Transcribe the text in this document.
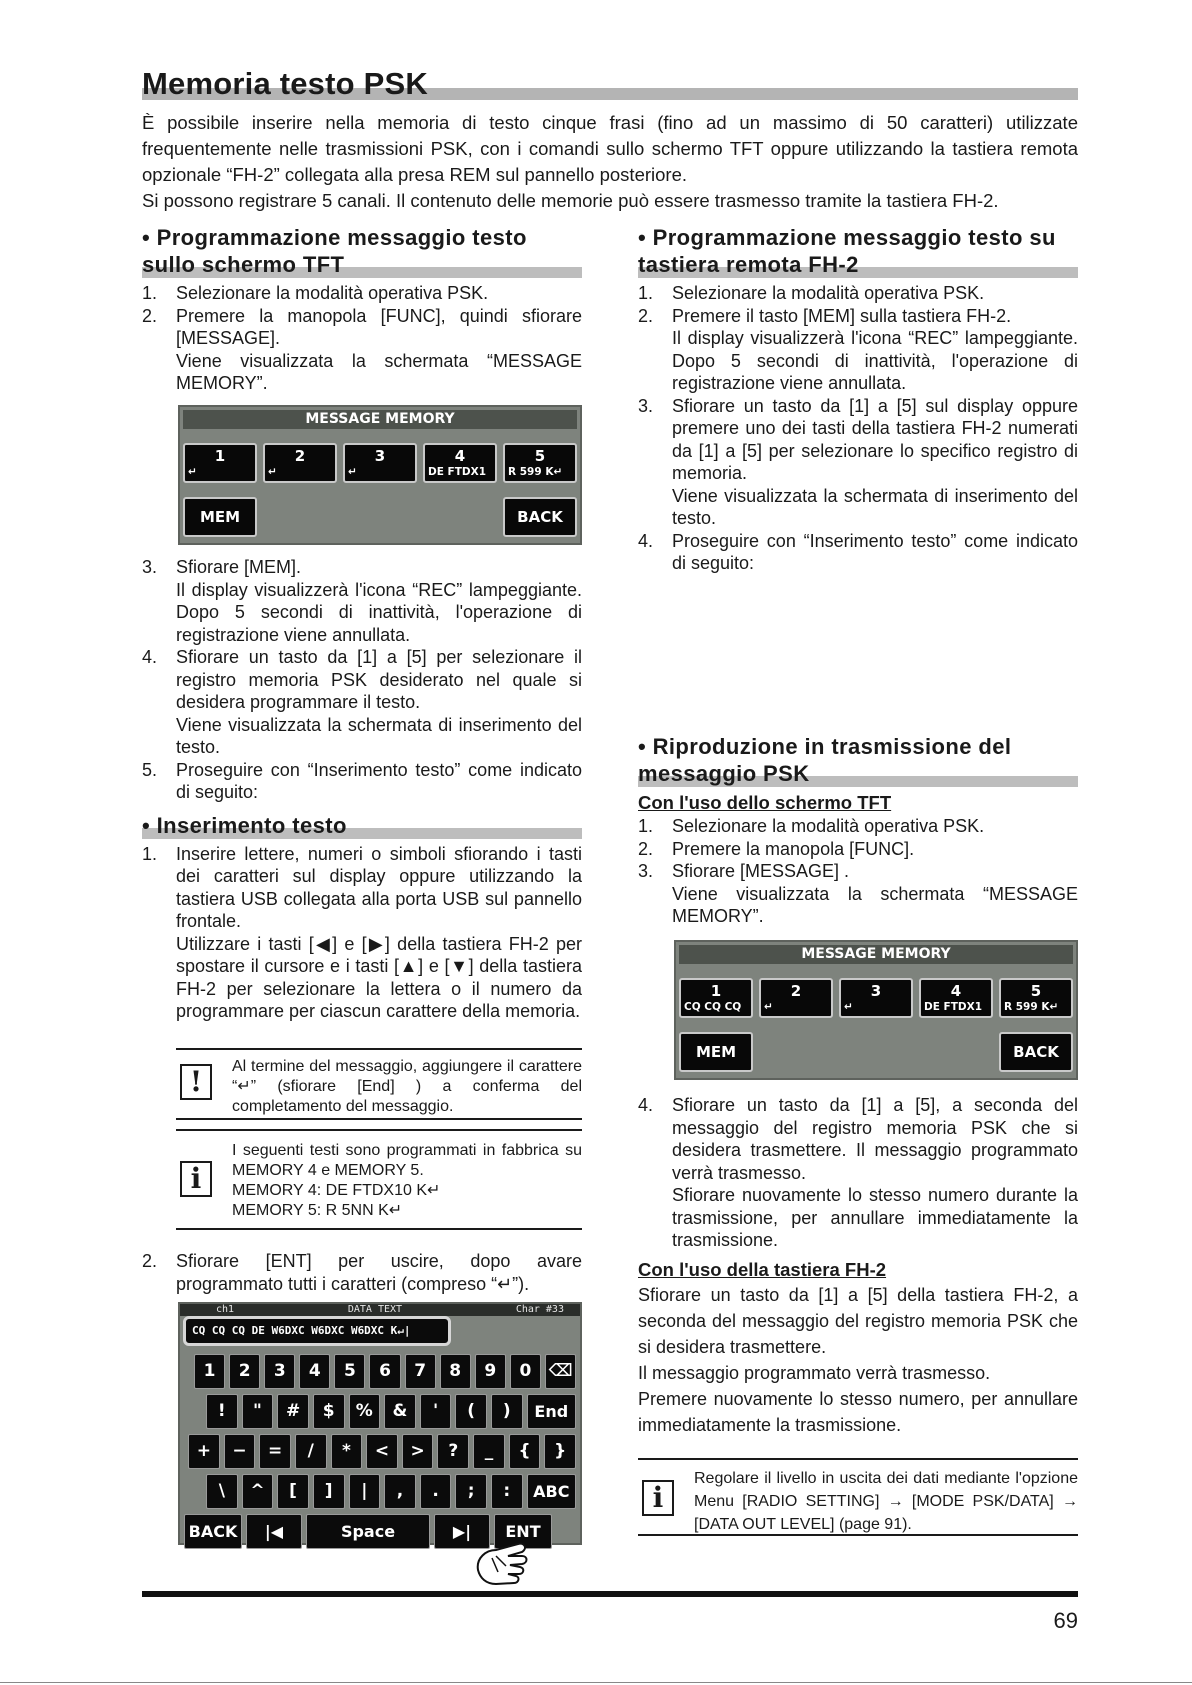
Memoria testo PSK

È possibile inserire nella memoria di testo cinque frasi (fino ad un massimo di 50 caratteri) utilizzate frequentemente nelle trasmissioni PSK, con i comandi sullo schermo TFT oppure utilizzando la tastiera remota opzionale “FH-2” collegata alla presa REM sul pannello posteriore.

Si possono registrare 5 canali. Il contenuto delle memorie può essere trasmesso tramite la tastiera FH-2.

• Programmazione messaggio testo sullo schermo TFT
1. Selezionare la modalità operativa PSK.
2. Premere la manopola [FUNC], quindi sfiorare [MESSAGE].
Viene visualizzata la schermata “MESSAGE MEMORY”.
MESSAGE MEMORY
1
↵
2
↵
3
↵
4
DE FTDX1
5
R 599 K↵
MEM	BACK
3. Sfiorare [MEM].
Il display visualizzerà l'icona “REC” lampeggiante. Dopo 5 secondi di inattività, l'operazione di registrazione viene annullata.
4. Sfiorare un tasto da [1] a [5] per selezionare il registro memoria PSK desiderato nel quale si desidera programmare il testo.
Viene visualizzata la schermata di inserimento del testo.
5. Proseguire con “Inserimento testo” come indicato di seguito:
• Inserimento testo
1. Inserire lettere, numeri o simboli sfiorando i tasti dei caratteri sul display oppure utilizzando la tastiera USB collegata alla porta USB sul pannello frontale.
Utilizzare i tasti [◀] e [▶] della tastiera FH-2 per spostare il cursore e i tasti [▲] e [▼] della tastiera FH-2 per selezionare la lettera o il numero da programmare per ciascun carattere della memoria.
!	Al termine del messaggio, aggiungere il carattere “↵” (sfiorare [End] ) a conferma del completamento del messaggio.
i
I seguenti testi sono programmati in fabbrica su MEMORY 4 e MEMORY 5.
MEMORY 4: DE FTDX10 K↵
MEMORY 5: R 5NN K↵
2. Sfiorare [ENT] per uscire, dopo avare programmato tutti i caratteri (compreso “↵”).
ch1	DATA TEXT	Char #33
CQ CQ CQ DE W6DXC W6DXC W6DXC K↵|
1	2	3	4	5	6	7	8	9	0	⌫
!	"	#	$	%	&	'	(	)	End
+	−	=	/	*	<	>	?	_	{	}
\	^	[	]	|	,	.	;	:	ABC
BACK	|◀	Space	▶|	ENT
• Programmazione messaggio testo su tastiera remota FH-2
1. Selezionare la modalità operativa PSK.
2. Premere il tasto [MEM] sulla tastiera FH-2.
Il display visualizzerà l'icona “REC” lampeggiante. Dopo 5 secondi di inattività, l'operazione di registrazione viene annullata.
3. Sfiorare un tasto da [1] a [5] sul display oppure premere uno dei tasti della tastiera FH-2 numerati da [1] a [5] per selezionare lo specifico registro di memoria.
Viene visualizzata la schermata di inserimento del testo.
4. Proseguire con “Inserimento testo” come indicato di seguito:
• Riproduzione in trasmissione del messaggio PSK
Con l'uso dello schermo TFT
1. Selezionare la modalità operativa PSK.
2. Premere la manopola [FUNC].
3. Sfiorare [MESSAGE] .
Viene visualizzata la schermata “MESSAGE MEMORY”.
MESSAGE MEMORY
1
CQ CQ CQ
2
↵
3
↵
4
DE FTDX1
5
R 599 K↵
MEM	BACK
4. Sfiorare un tasto da [1] a [5], a seconda del messaggio del registro memoria PSK che si desidera trasmettere. Il messaggio programmato verrà trasmesso.
Sfiorare nuovamente lo stesso numero durante la trasmissione, per annullare immediatamente la trasmissione.
Con l'uso della tastiera FH-2

Sfiorare un tasto da [1] a [5] della tastiera FH-2, a seconda del messaggio del registro memoria PSK che si desidera trasmettere.

Il messaggio programmato verrà trasmesso.

Premere nuovamente lo stesso numero, per annullare immediatamente la trasmissione.

i
Regolare il livello in uscita dei dati mediante l'opzione Menu [RADIO SETTING] → [MODE PSK/DATA] → [DATA OUT LEVEL] (page 91).
69
